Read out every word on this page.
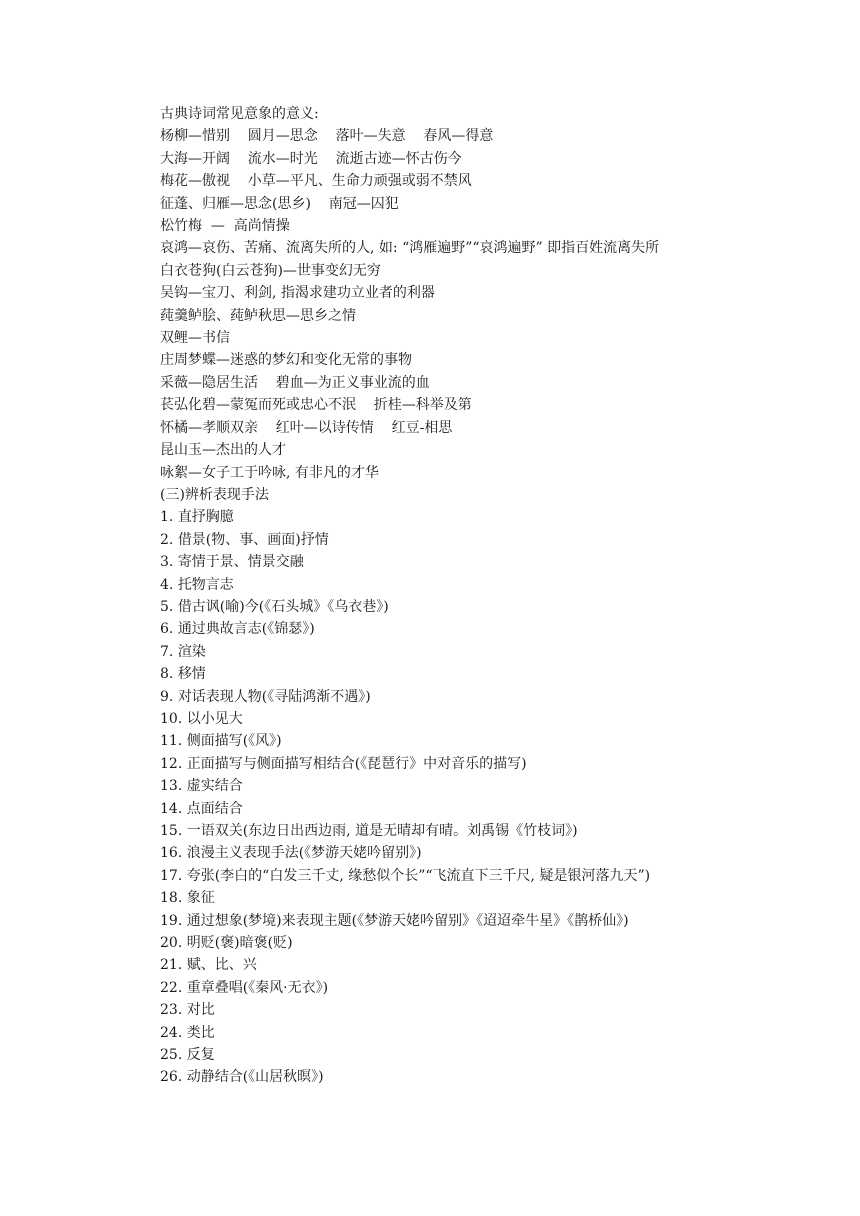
古典诗词常见意象的意义:

杨柳—惜别    圆月—思念    落叶—失意    春风—得意

大海—开阔    流水—时光    流逝古迹—怀古伤今

梅花—傲视    小草—平凡、生命力顽强或弱不禁风

征蓬、归雁—思念(思乡)    南冠—囚犯

松竹梅  —  高尚情操

哀鸿—哀伤、苦痛、流离失所的人, 如: “鸿雁遍野”“哀鸿遍野” 即指百姓流离失所

白衣苍狗(白云苍狗)—世事变幻无穷

吴钩—宝刀、利剑, 指渴求建功立业者的利器

莼羹鲈脍、莼鲈秋思—思乡之情

双鲤—书信

庄周梦蝶—迷惑的梦幻和变化无常的事物

采薇—隐居生活    碧血—为正义事业流的血

苌弘化碧—蒙冤而死或忠心不泯    折桂—科举及第

怀橘—孝顺双亲    红叶—以诗传情    红豆-相思

昆山玉—杰出的人才

咏絮—女子工于吟咏, 有非凡的才华

(三)辨析表现手法

1. 直抒胸臆
2. 借景(物、事、画面)抒情
3. 寄情于景、情景交融
4. 托物言志
5. 借古讽(喻)今(《石头城》《乌衣巷》)
6. 通过典故言志(《锦瑟》)
7. 渲染
8. 移情
9. 对话表现人物(《寻陆鸿渐不遇》)
10. 以小见大
11. 侧面描写(《风》)
12. 正面描写与侧面描写相结合(《琵琶行》中对音乐的描写)
13. 虚实结合
14. 点面结合
15. 一语双关(东边日出西边雨, 道是无晴却有晴。刘禹锡《竹枝词》)
16. 浪漫主义表现手法(《梦游天姥吟留别》)
17. 夸张(李白的“白发三千丈, 缘愁似个长”“飞流直下三千尺, 疑是银河落九天”)
18. 象征
19. 通过想象(梦境)来表现主题(《梦游天姥吟留别》《迢迢牵牛星》《鹊桥仙》)
20. 明贬(褒)暗褒(贬)
21. 赋、比、兴
22. 重章叠唱(《秦风·无衣》)
23. 对比
24. 类比
25. 反复
26. 动静结合(《山居秋暝》)
